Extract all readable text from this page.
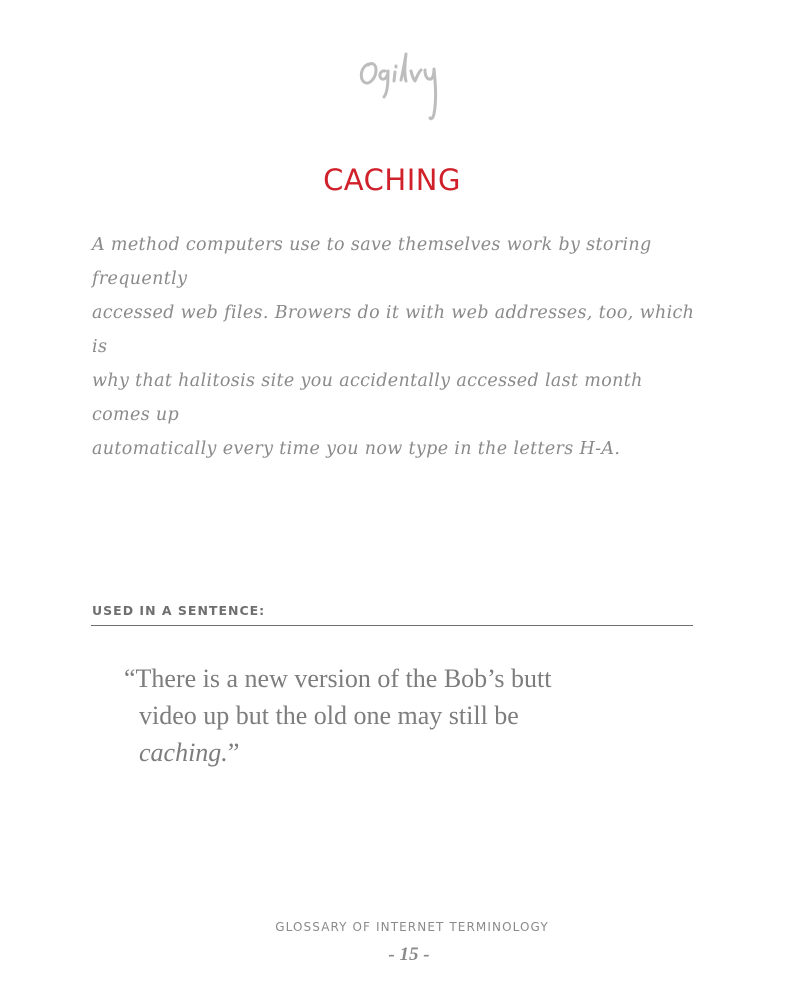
CACHING

A method computers use to save themselves work by storing frequently
accessed web files. Browers do it with web addresses, too, which is
why that halitosis site you accidentally accessed last month comes up
automatically every time you now type in the letters H-A.

USED IN A SENTENCE:

“There is a new version of the Bob’s butt
video up but the old one may still be
caching.”

GLOSSARY OF INTERNET TERMINOLOGY

- 15 -
